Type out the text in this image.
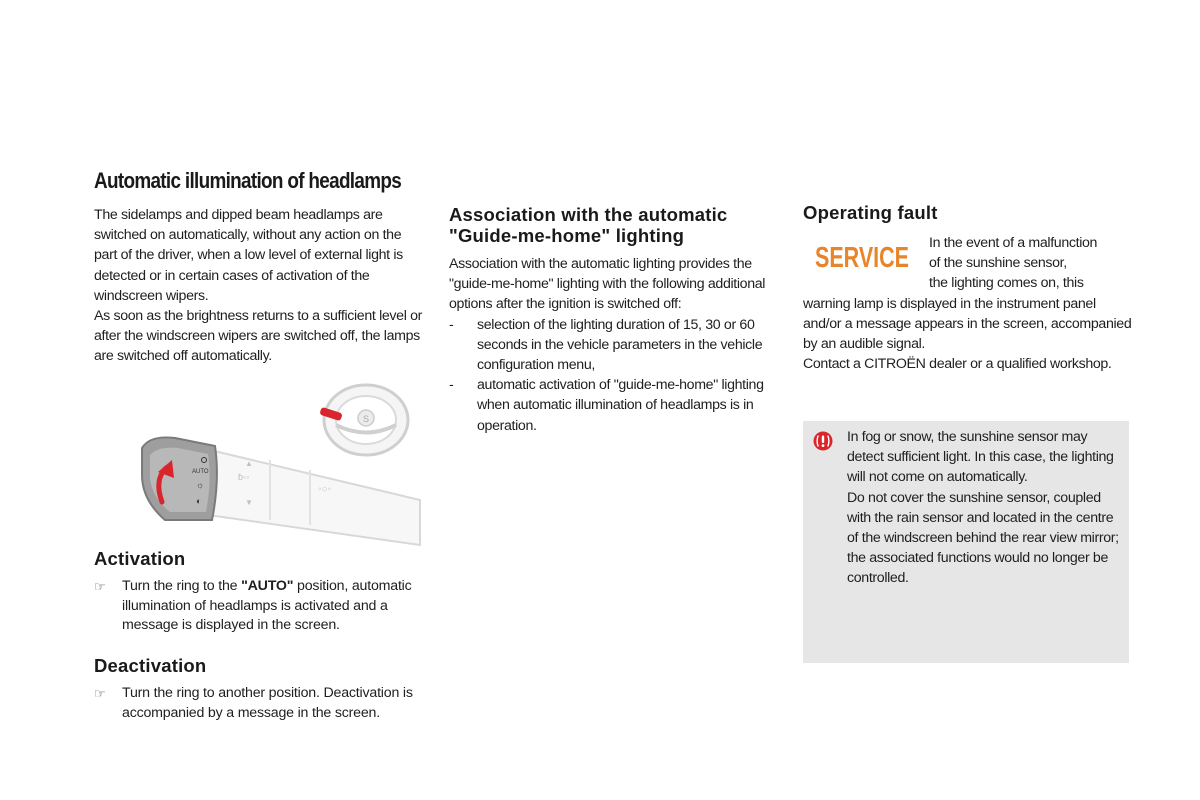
Automatic illumination of headlamps

The sidelamps and dipped beam headlamps are switched on automatically, without any action on the part of the driver, when a low level of external light is detected or in certain cases of activation of the windscreen wipers.

As soon as the brightness returns to a sufficient level or after the windscreen wipers are switched off, the lamps are switched off automatically.

S
◦○◦
ɓ◦◦
▲
▼
AUTO
☼
◐
Activation
☞ Turn the ring to the "AUTO" position, automatic illumination of headlamps is activated and a message is displayed in the screen.
Deactivation
☞ Turn the ring to another position. Deactivation is accompanied by a message in the screen.
Association with the automatic "Guide-me-home" lighting

Association with the automatic lighting provides the "guide-me-home" lighting with the following additional options after the ignition is switched off:

- selection of the lighting duration of 15, 30 or 60 seconds in the vehicle parameters in the vehicle configuration menu,
- automatic activation of "guide-me-home" lighting when automatic illumination of headlamps is in operation.
Operating fault
SERVICE	In the event of a malfunction

of the sunshine sensor,

the lighting comes on, this

warning lamp is displayed in the instrument panel and/or a message appears in the screen, accompanied by an audible signal.

Contact a CITROËN dealer or a qualified workshop.

In fog or snow, the sunshine sensor may detect sufficient light. In this case, the lighting will not come on automatically.

Do not cover the sunshine sensor, coupled with the rain sensor and located in the centre of the windscreen behind the rear view mirror; the associated functions would no longer be controlled.
